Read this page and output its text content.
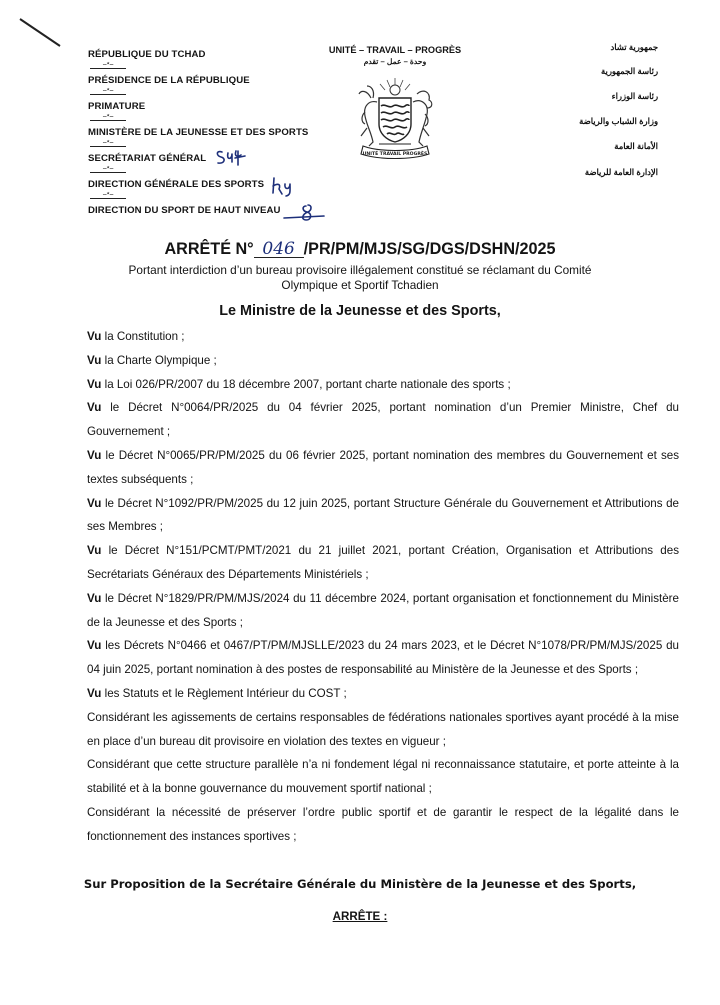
RÉPUBLIQUE DU TCHAD
ــ٭ــ
PRÉSIDENCE DE LA RÉPUBLIQUE
ــ٭ــ
PRIMATURE
ــ٭ــ
MINISTÈRE DE LA JEUNESSE ET DES SPORTS
ــ٭ــ
SECRÉTARIAT GÉNÉRAL
ــ٭ــ
DIRECTION GÉNÉRALE DES SPORTS
ــ٭ــ
DIRECTION DU SPORT DE HAUT NIVEAU
UNITÉ – TRAVAIL – PROGRÈS
وحدة – عمل – تقدم
UNITÉ TRAVAIL PROGRÈS
جمهورية تشاد
رئاسة الجمهورية
رئاسة الوزراء
وزارة الشباب والرياضة
الأمانة العامة
الإدارة العامة للرياضة
ARRÊTÉ N° 046 /PR/PM/MJS/SG/DGS/DSHN/2025
Portant interdiction d’un bureau provisoire illégalement constitué se réclamant du Comité Olympique et Sportif Tchadien
Le Ministre de la Jeunesse et des Sports,

Vu la Constitution ;

Vu la Charte Olympique ;

Vu la Loi 026/PR/2007 du 18 décembre 2007, portant charte nationale des sports ;

Vu le Décret N°0064/PR/2025 du 04 février 2025, portant nomination d’un Premier Ministre, Chef du Gouvernement ;

Vu le Décret N°0065/PR/PM/2025 du 06 février 2025, portant nomination des membres du Gouvernement et ses textes subséquents ;

Vu le Décret N°1092/PR/PM/2025 du 12 juin 2025, portant Structure Générale du Gouvernement et Attributions de ses Membres ;

Vu le Décret N°151/PCMT/PMT/2021 du 21 juillet 2021, portant Création, Organisation et Attributions des Secrétariats Généraux des Départements Ministériels ;

Vu le Décret N°1829/PR/PM/MJS/2024 du 11 décembre 2024, portant organisation et fonctionnement du Ministère de la Jeunesse et des Sports ;

Vu les Décrets N°0466 et 0467/PT/PM/MJSLLE/2023 du 24 mars 2023, et le Décret N°1078/PR/PM/MJS/2025 du 04 juin 2025, portant nomination à des postes de responsabilité au Ministère de la Jeunesse et des Sports ;

Vu les Statuts et le Règlement Intérieur du COST ;

Considérant les agissements de certains responsables de fédérations nationales sportives ayant procédé à la mise en place d’un bureau dit provisoire en violation des textes en vigueur ;

Considérant que cette structure parallèle n’a ni fondement légal ni reconnaissance statutaire, et porte atteinte à la stabilité et à la bonne gouvernance du mouvement sportif national ;

Considérant la nécessité de préserver l’ordre public sportif et de garantir le respect de la légalité dans le fonctionnement des instances sportives ;

Sur Proposition de la Secrétaire Générale du Ministère de la Jeunesse et des Sports,
ARRÊTE :
